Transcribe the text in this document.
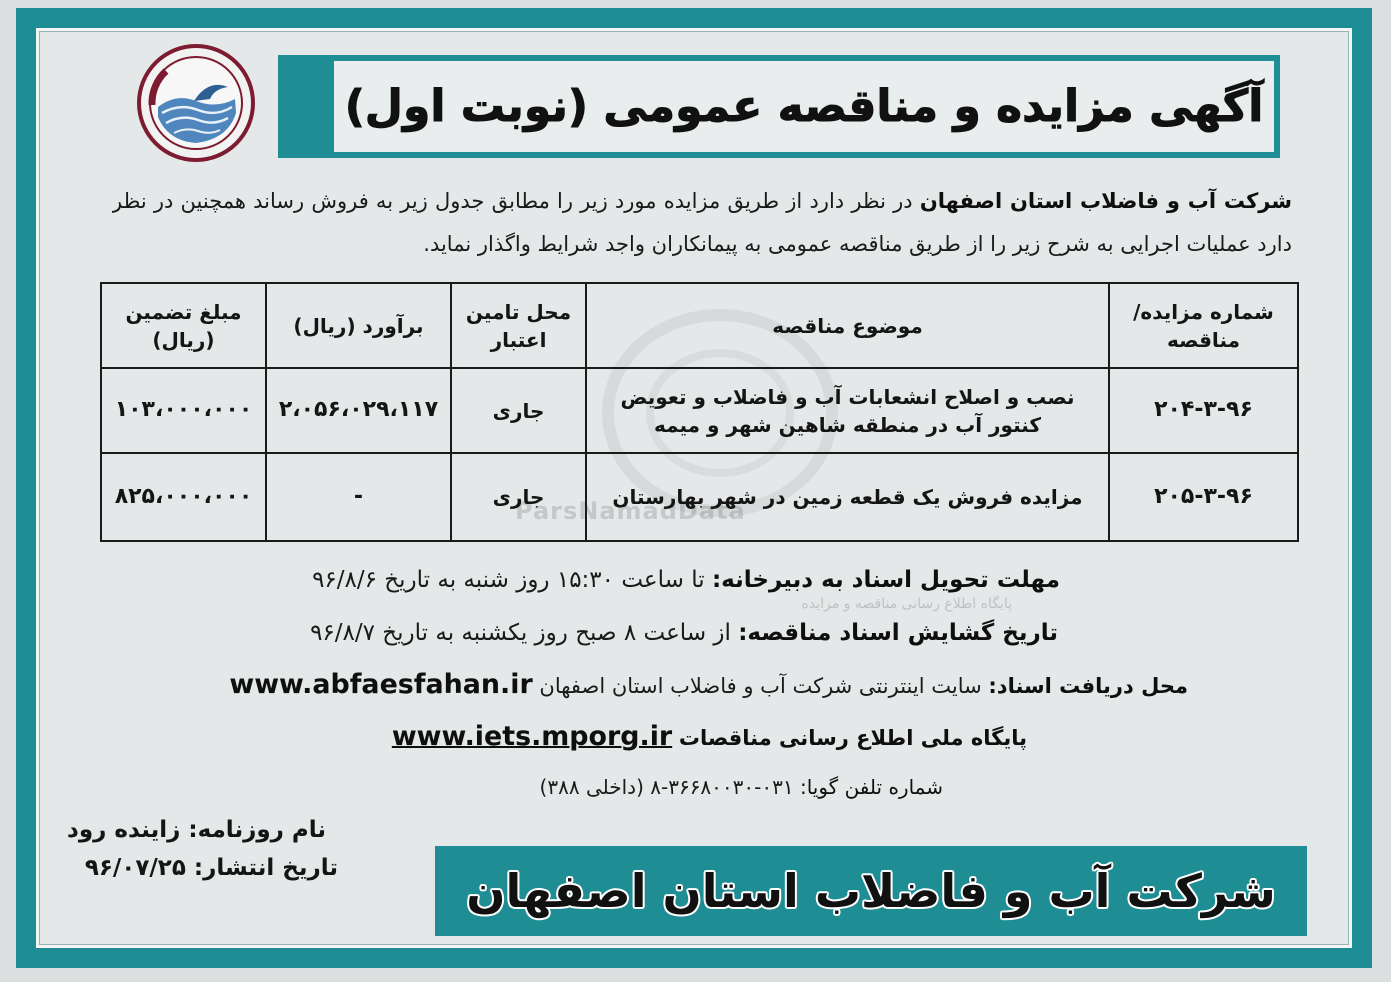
آگهی مزایده و مناقصه عمومی (نوبت اول)
شرکت آب و فاضلاب استان اصفهان در نظر دارد از طریق مزایده مورد زیر را مطابق جدول زیر به فروش رساند همچنین در نظر دارد عملیات اجرایی به شرح زیر را از طریق مناقصه عمومی به پیمانکاران واجد شرایط واگذار نماید.
ParsNamadData
پایگاه اطلاع رسانی مناقصه و مزایده
شماره مزایده/ مناقصه	موضوع مناقصه	محل تامین اعتبار	برآورد (ریال)	مبلغ تضمین (ریال)
۲۰۴-۳-۹۶	نصب و اصلاح انشعابات آب و فاضلاب و تعویض کنتور آب در منطقه شاهین شهر و میمه	جاری	۲،۰۵۶،۰۲۹،۱۱۷	۱۰۳،۰۰۰،۰۰۰
۲۰۵-۳-۹۶	مزایده فروش یک قطعه زمین در شهر بهارستان	جاری	-	۸۲۵،۰۰۰،۰۰۰
مهلت تحویل اسناد به دبیرخانه: تا ساعت ۱۵:۳۰ روز شنبه به تاریخ ۹۶/۸/۶
تاریخ گشایش اسناد مناقصه: از ساعت ۸ صبح روز یکشنبه به تاریخ ۹۶/۸/۷
محل دریافت اسناد: سایت اینترنتی شرکت آب و فاضلاب استان اصفهان www.abfaesfahan.ir
پایگاه ملی اطلاع رسانی مناقصات www.iets.mporg.ir
شماره تلفن گویا: ۰۳۱-۳۶۶۸۰۰۳۰-۸ (داخلی ۳۸۸)
نام روزنامه: زاینده رود
تاریخ انتشار: ۹۶/۰۷/۲۵	شرکت آب و فاضلاب استان اصفهان
